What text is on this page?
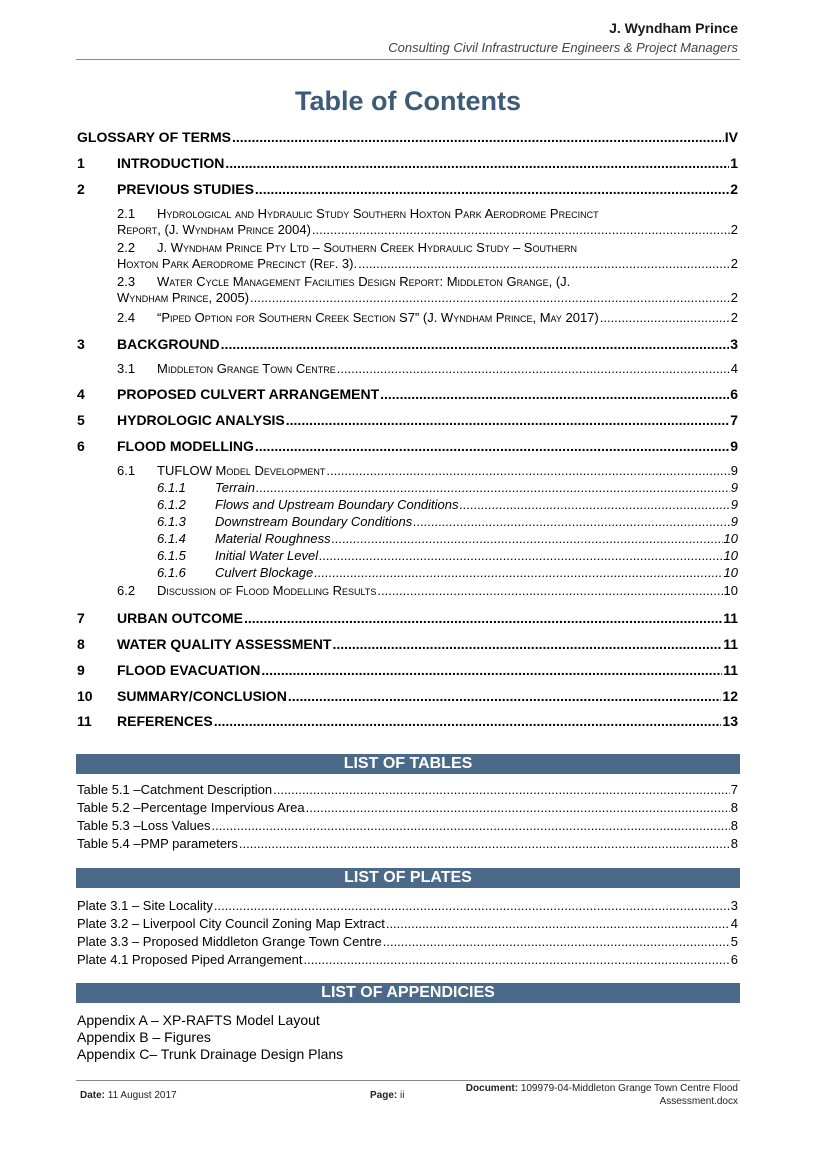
J. Wyndham Prince
Consulting Civil Infrastructure Engineers & Project Managers
Table of Contents
GLOSSARY OF TERMS .....	IV
1	INTRODUCTION .....	1
2	PREVIOUS STUDIES .....	2
2.1 Hydrological and Hydraulic Study Southern Hoxton Park Aerodrome Precinct
Report, (J. Wyndham Prince 2004) .....	2
2.2 J. Wyndham Prince Pty Ltd – Southern Creek Hydraulic Study – Southern
Hoxton Park Aerodrome Precinct (Ref. 3). .....	2
2.3 Water Cycle Management Facilities Design Report: Middleton Grange, (J.
Wyndham Prince, 2005) .....	2
2.4	“Piped Option for Southern Creek Section S7” (J. Wyndham Prince, May 2017) .....	2
3	BACKGROUND .....	3
3.1	Middleton Grange Town Centre .....	4
4	PROPOSED CULVERT ARRANGEMENT .....	6
5	HYDROLOGIC ANALYSIS .....	7
6	FLOOD MODELLING .....	9
6.1	TUFLOW Model Development .....	9
6.1.1	Terrain .....	9
6.1.2	Flows and Upstream Boundary Conditions .....	9
6.1.3	Downstream Boundary Conditions .....	9
6.1.4	Material Roughness .....	10
6.1.5	Initial Water Level .....	10
6.1.6	Culvert Blockage .....	10
6.2	Discussion of Flood Modelling Results .....	10
7	URBAN OUTCOME .....	11
8	WATER QUALITY ASSESSMENT .....	11
9	FLOOD EVACUATION .....	11
10	SUMMARY/CONCLUSION .....	12
11	REFERENCES .....	13
LIST OF TABLES
Table 5.1 –Catchment Description .....	7
Table 5.2 –Percentage Impervious Area .....	8
Table 5.3 –Loss Values .....	8
Table 5.4 –PMP parameters .....	8
LIST OF PLATES
Plate 3.1 – Site Locality .....	3
Plate 3.2 – Liverpool City Council Zoning Map Extract .....	4
Plate 3.3 – Proposed Middleton Grange Town Centre .....	5
Plate 4.1 Proposed Piped Arrangement .....	6
LIST OF APPENDICIES
Appendix A – XP-RAFTS Model Layout
Appendix B – Figures
Appendix C– Trunk Drainage Design Plans
Date: 11 August 2017	Page: ii
Document: 109979-04-Middleton Grange Town Centre Flood
Assessment.docx
